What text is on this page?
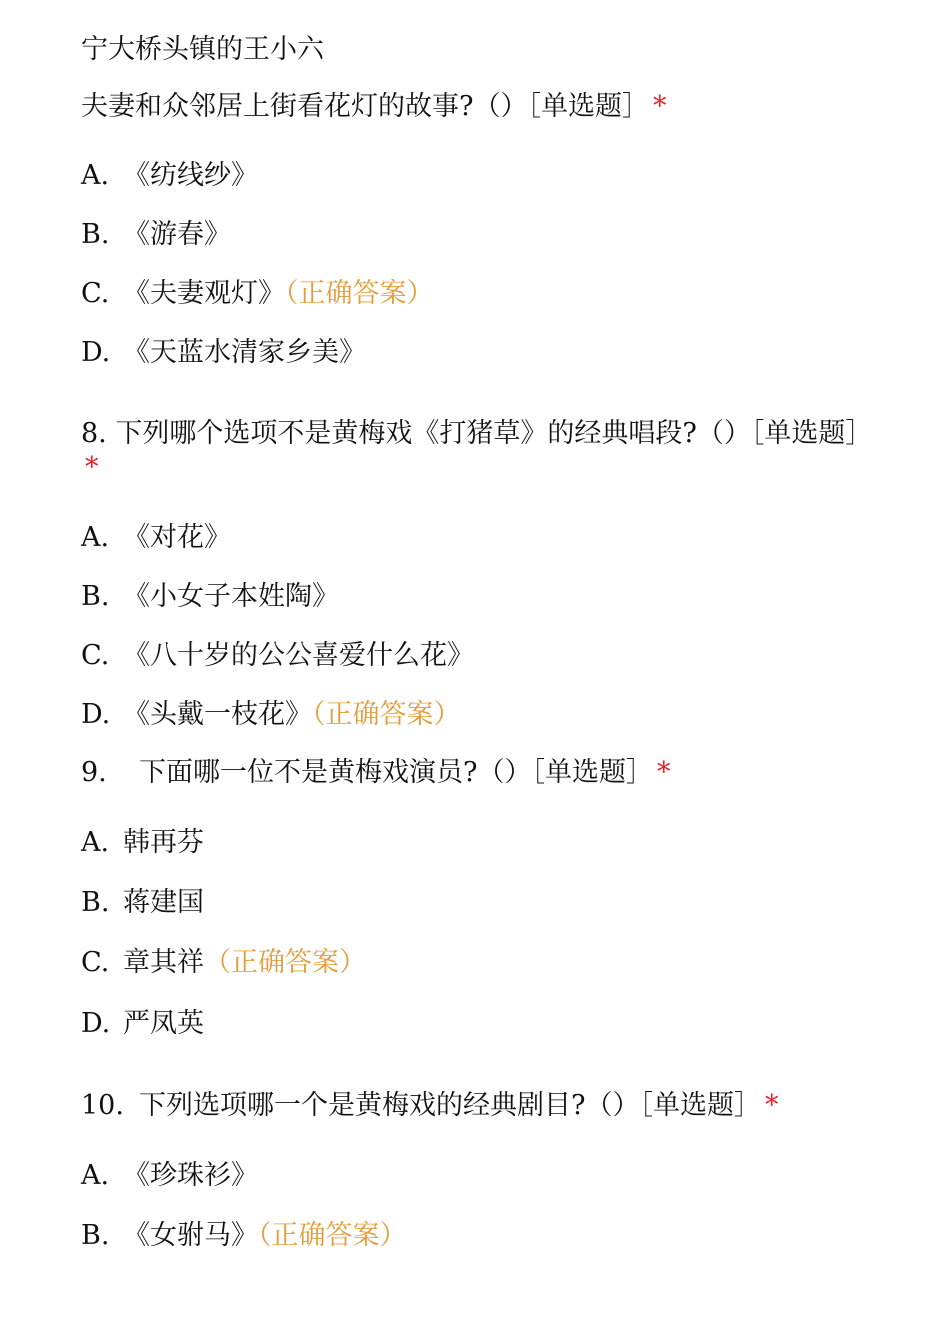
宁大桥头镇的王小六
夫妻和众邻居上街看花灯的故事?（）［单选题］ *
A. 《纺线纱》
B. 《游春》
C. 《夫妻观灯》（正确答案）
D. 《天蓝水清家乡美》
8. 下列哪个选项不是黄梅戏《打猪草》的经典唱段?（）［单选题］*
A. 《对花》
B. 《小女子本姓陶》
C. 《八十岁的公公喜爱什么花》
D. 《头戴一枝花》（正确答案）
9. 下面哪一位不是黄梅戏演员?（）［单选题］ *
A. 韩再芬
B. 蒋建国
C. 章其祥（正确答案）
D. 严凤英
10. 下列选项哪一个是黄梅戏的经典剧目?（）［单选题］ *
A. 《珍珠衫》
B. 《女驸马》（正确答案）
